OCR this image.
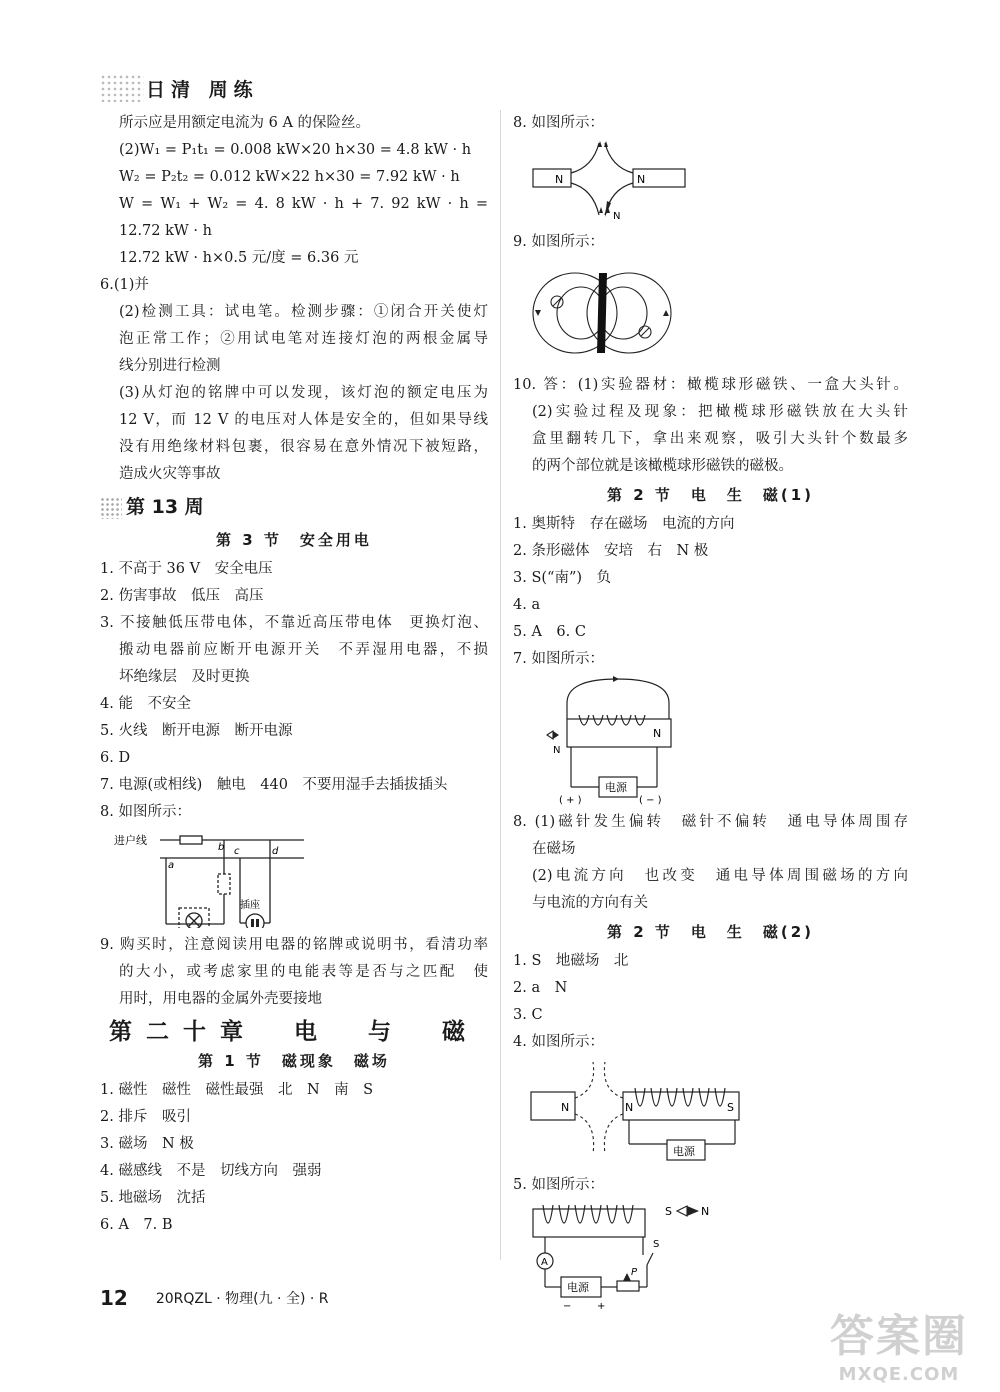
日清 周练
所示应是用额定电流为 6 A 的保险丝。
(2)W₁ = P₁t₁ = 0.008 kW×20 h×30 = 4.8 kW · h
W₂ = P₂t₂ = 0.012 kW×22 h×30 = 7.92 kW · h
W = W₁ + W₂ = 4. 8 kW · h + 7. 92 kW · h =
12.72 kW · h
12.72 kW · h×0.5 元/度 = 6.36 元
6.(1)并
(2)检测工具：试电笔。检测步骤：①闭合开关使灯
泡正常工作；②用试电笔对连接灯泡的两根金属导
线分别进行检测
(3)从灯泡的铭牌中可以发现，该灯泡的额定电压为
12 V，而 12 V 的电压对人体是安全的，但如果导线
没有用绝缘材料包裹，很容易在意外情况下被短路，
造成火灾等事故
第 13 周
第 3 节　安全用电
1. 不高于 36 V　安全电压
2. 伤害事故　低压　高压
3. 不接触低压带电体，不靠近高压带电体　更换灯泡、
搬动电器前应断开电源开关　不弄湿用电器，不损
坏绝缘层　及时更换
4. 能　不安全
5. 火线　断开电源　断开电源
6. D
7. 电源(或相线)　触电　440　不要用湿手去插拔插头
8. 如图所示：
进户线
a
b c	d
插座
9. 购买时，注意阅读用电器的铭牌或说明书，看清功率
的大小，或考虑家里的电能表等是否与之匹配　使
用时，用电器的金属外壳要接地
第二十章　电　与　磁
第 1 节　磁现象　磁场
1. 磁性　磁性　磁性最强　北　N　南　S
2. 排斥　吸引
3. 磁场　N 极
4. 磁感线　不是　切线方向　强弱
5. 地磁场　沈括
6. A　7. B
8. 如图所示：
N	N
N
9. 如图所示：
10. 答：(1)实验器材：橄榄球形磁铁、一盒大头针。
(2)实验过程及现象：把橄榄球形磁铁放在大头针
盒里翻转几下，拿出来观察，吸引大头针个数最多
的两个部位就是该橄榄球形磁铁的磁极。
第 2 节　电　生　磁(1)
1. 奥斯特　存在磁场　电流的方向
2. 条形磁体　安培　右　N 极
3. S(“南”)　负
4. a
5. A　6. C
7. 如图所示：
N
N
电源
( + )	( − )
8. (1)磁针发生偏转　磁针不偏转　通电导体周围存
在磁场
(2)电流方向　也改变　通电导体周围磁场的方向
与电流的方向有关
第 2 节　电　生　磁(2)
1. S　地磁场　北
2. a　N
3. C
4. 如图所示：
N	N	S
电源
5. 如图所示：
S	N
A
S
电源
P
+
−
12 20RQZL · 物理(九 · 全) · R
答案圈
MXQE.COM
